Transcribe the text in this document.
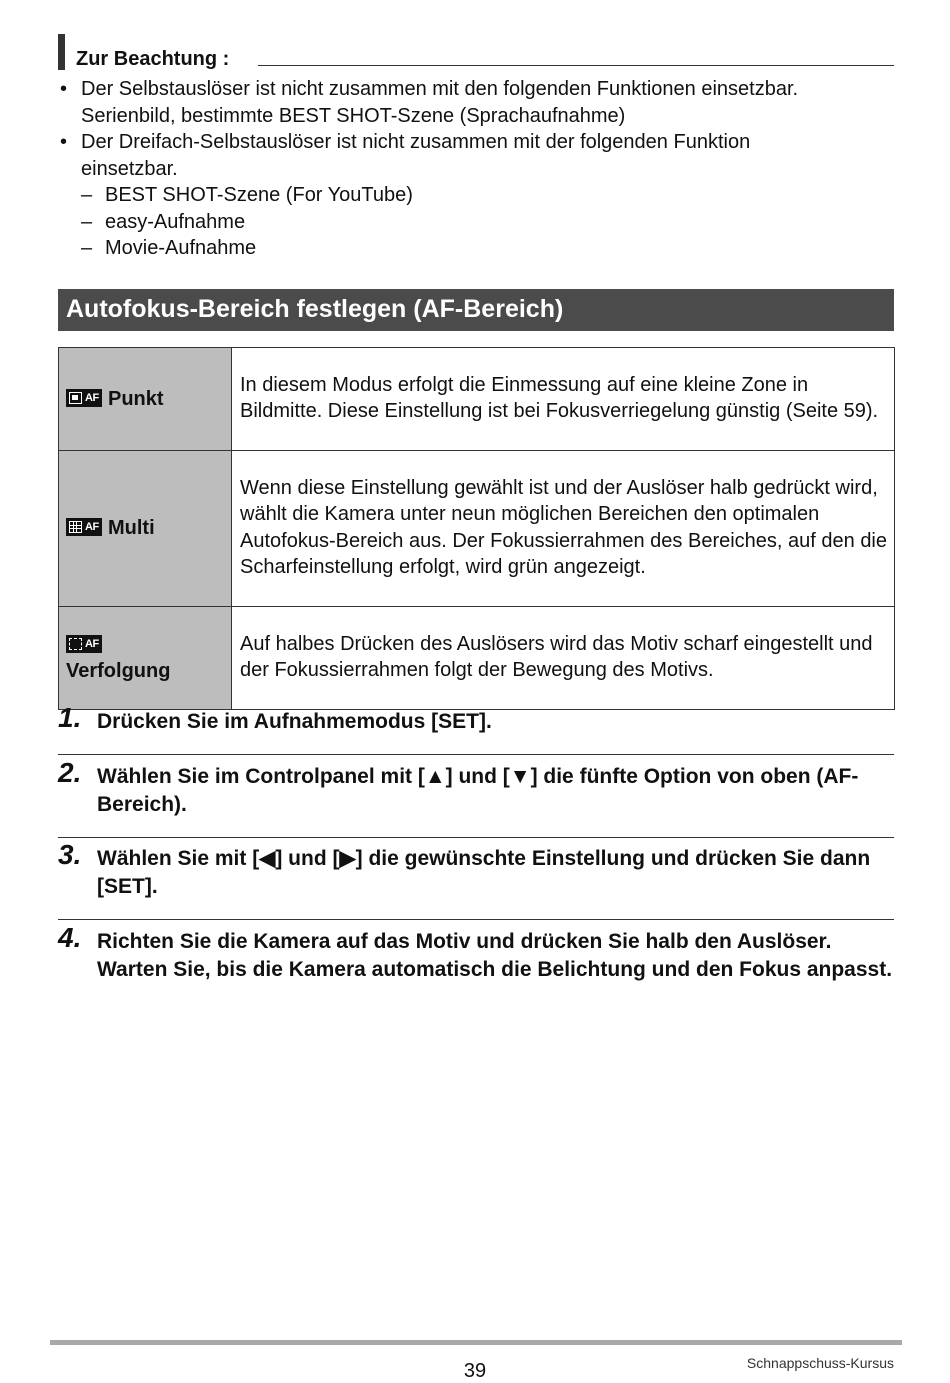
Zur Beachtung :
• Der Selbstauslöser ist nicht zusammen mit den folgenden Funktionen einsetzbar.
Serienbild, bestimmte BEST SHOT-Szene (Sprachaufnahme)
• Der Dreifach-Selbstauslöser ist nicht zusammen mit der folgenden Funktion
einsetzbar.
– BEST SHOT-Szene (For YouTube)
– easy-Aufnahme
– Movie-Aufnahme
Autofokus-Bereich festlegen (AF-Bereich)
AF Punkt	In diesem Modus erfolgt die Einmessung auf eine kleine Zone in Bildmitte. Diese Einstellung ist bei Fokusverriegelung günstig (Seite 59).

AF Multi	Wenn diese Einstellung gewählt ist und der Auslöser halb gedrückt wird, wählt die Kamera unter neun möglichen Bereichen den optimalen Autofokus-Bereich aus. Der Fokussierrahmen des Bereiches, auf den die Scharfeinstellung erfolgt, wird grün angezeigt.

AF

Verfolgung	Auf halbes Drücken des Auslösers wird das Motiv scharf eingestellt und der Fokussierrahmen folgt der Bewegung des Motivs.
1. Drücken Sie im Aufnahmemodus [SET].
2. Wählen Sie im Controlpanel mit [▲] und [▼] die fünfte Option von oben (AF-Bereich).
3. Wählen Sie mit [◀] und [▶] die gewünschte Einstellung und drücken Sie dann [SET].
4. Richten Sie die Kamera auf das Motiv und drücken Sie halb den Auslöser. Warten Sie, bis die Kamera automatisch die Belichtung und den Fokus anpasst.
39	Schnappschuss-Kursus
